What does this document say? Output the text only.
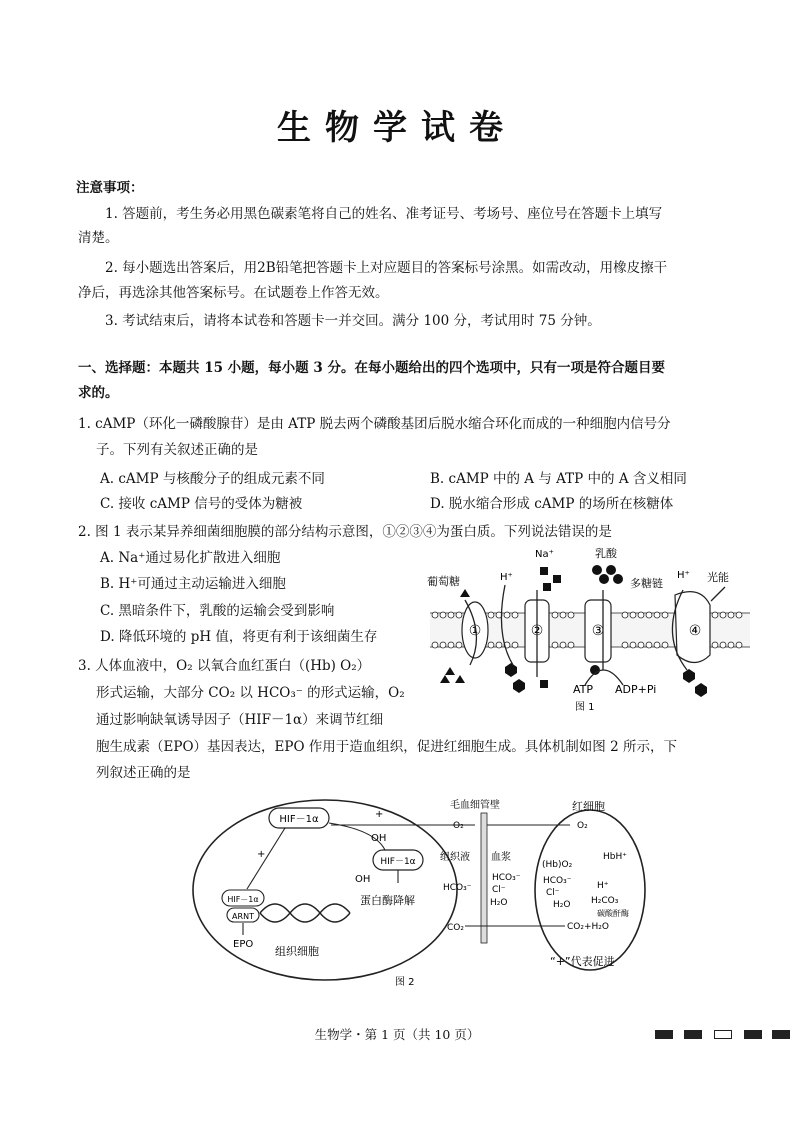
生物学试卷
注意事项：
1. 答题前，考生务必用黑色碳素笔将自己的姓名、准考证号、考场号、座位号在答题卡上填写
清楚。
2. 每小题选出答案后，用2B铅笔把答题卡上对应题目的答案标号涂黑。如需改动，用橡皮擦干
净后，再选涂其他答案标号。在试题卷上作答无效。
3. 考试结束后，请将本试卷和答题卡一并交回。满分 100 分，考试用时 75 分钟。
一、选择题：本题共 15 小题，每小题 3 分。在每小题给出的四个选项中，只有一项是符合题目要
求的。
1. cAMP（环化一磷酸腺苷）是由 ATP 脱去两个磷酸基团后脱水缩合环化而成的一种细胞内信号分
子。下列有关叙述正确的是
A. cAMP 与核酸分子的组成元素不同	B. cAMP 中的 A 与 ATP 中的 A 含义相同
C. 接收 cAMP 信号的受体为糖被	D. 脱水缩合形成 cAMP 的场所在核糖体
2. 图 1 表示某异养细菌细胞膜的部分结构示意图，①②③④为蛋白质。下列说法错误的是
A. Na⁺通过易化扩散进入细胞
B. H⁺可通过主动运输进入细胞
C. 黑暗条件下，乳酸的运输会受到影响
D. 降低环境的 pH 值，将更有利于该细菌生存	①	②	③	④
葡萄糖	H⁺
Na⁺	乳酸
多糖链
H⁺ 光能
ATP ADP+Pi
图 1
3. 人体血液中，O₂ 以氧合血红蛋白（(Hb) O₂）
形式运输，大部分 CO₂ 以 HCO₃⁻ 的形式运输，O₂
通过影响缺氧诱导因子（HIF－1α）来调节红细
胞生成素（EPO）基因表达，EPO 作用于造血组织，促进红细胞生成。具体机制如图 2 所示，下
列叙述正确的是
HIF－1α
HIF－1α
HIF－1α
ARNT
+
+
OH
OH
蛋白酶降解
EPO
组织细胞
毛血细管壁	红细胞
O₂	O₂
组织液 血浆
HCO₃⁻
HCO₃⁻
Cl⁻
H₂O
(Hb)O₂
HbH⁺
HCO₃⁻
Cl⁻
H⁺
H₂CO₃
H₂O
碳酸酐酶
CO₂+H₂O
CO₂
“+”代表促进
图 2
生物学・第 1 页（共 10 页）
